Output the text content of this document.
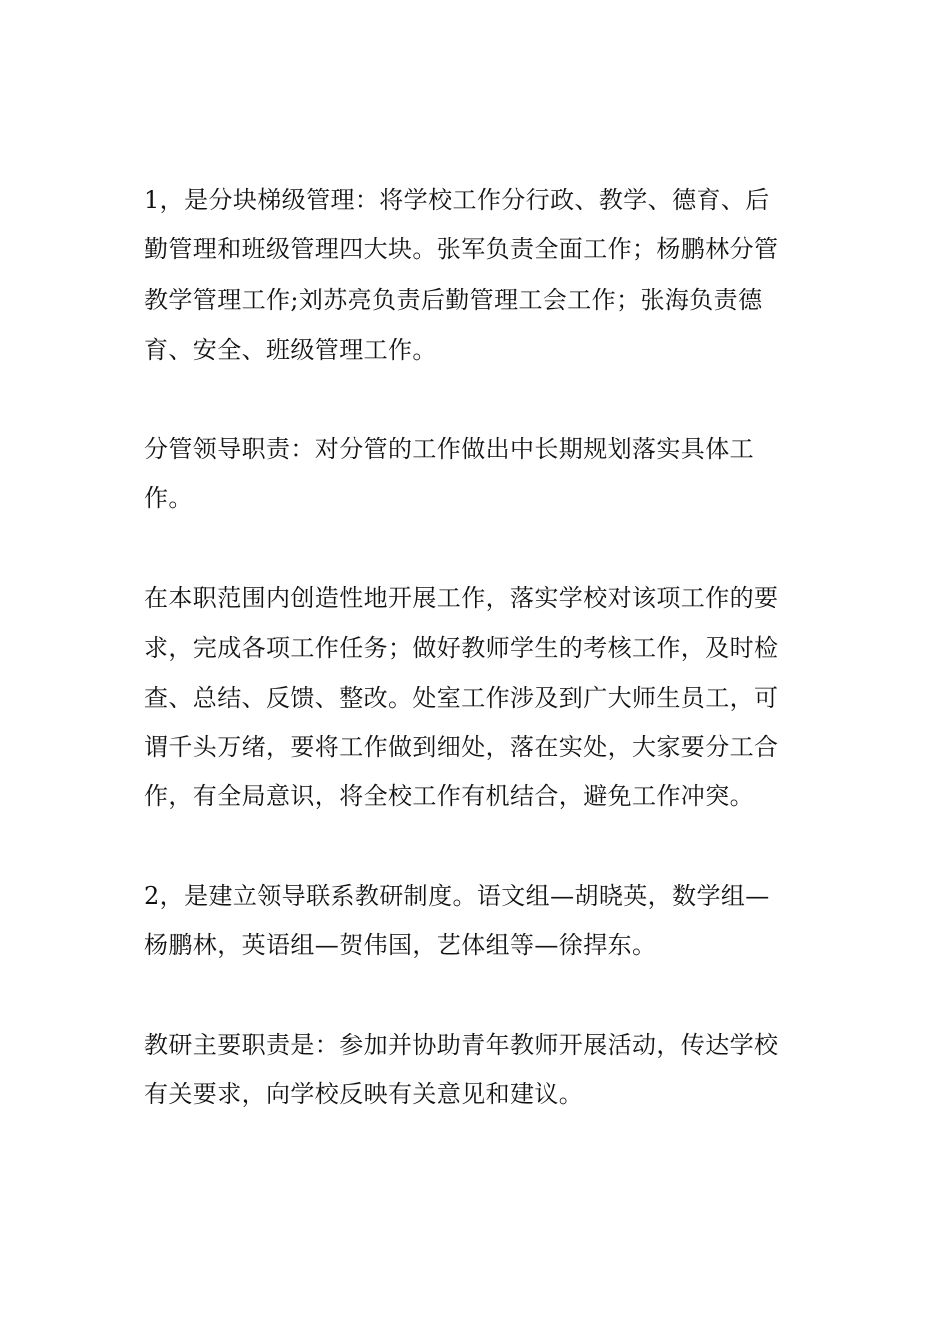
1，是分块梯级管理：将学校工作分行政、教学、德育、后

勤管理和班级管理四大块。张军负责全面工作；杨鹏林分管

教学管理工作;刘苏亮负责后勤管理工会工作；张海负责德

育、安全、班级管理工作。

分管领导职责：对分管的工作做出中长期规划落实具体工

作。

在本职范围内创造性地开展工作，落实学校对该项工作的要

求，完成各项工作任务；做好教师学生的考核工作，及时检

查、总结、反馈、整改。处室工作涉及到广大师生员工，可

谓千头万绪，要将工作做到细处，落在实处，大家要分工合

作，有全局意识，将全校工作有机结合，避免工作冲突。

2，是建立领导联系教研制度。语文组—胡晓英，数学组—

杨鹏林，英语组—贺伟国，艺体组等—徐捍东。

教研主要职责是：参加并协助青年教师开展活动，传达学校

有关要求，向学校反映有关意见和建议。
